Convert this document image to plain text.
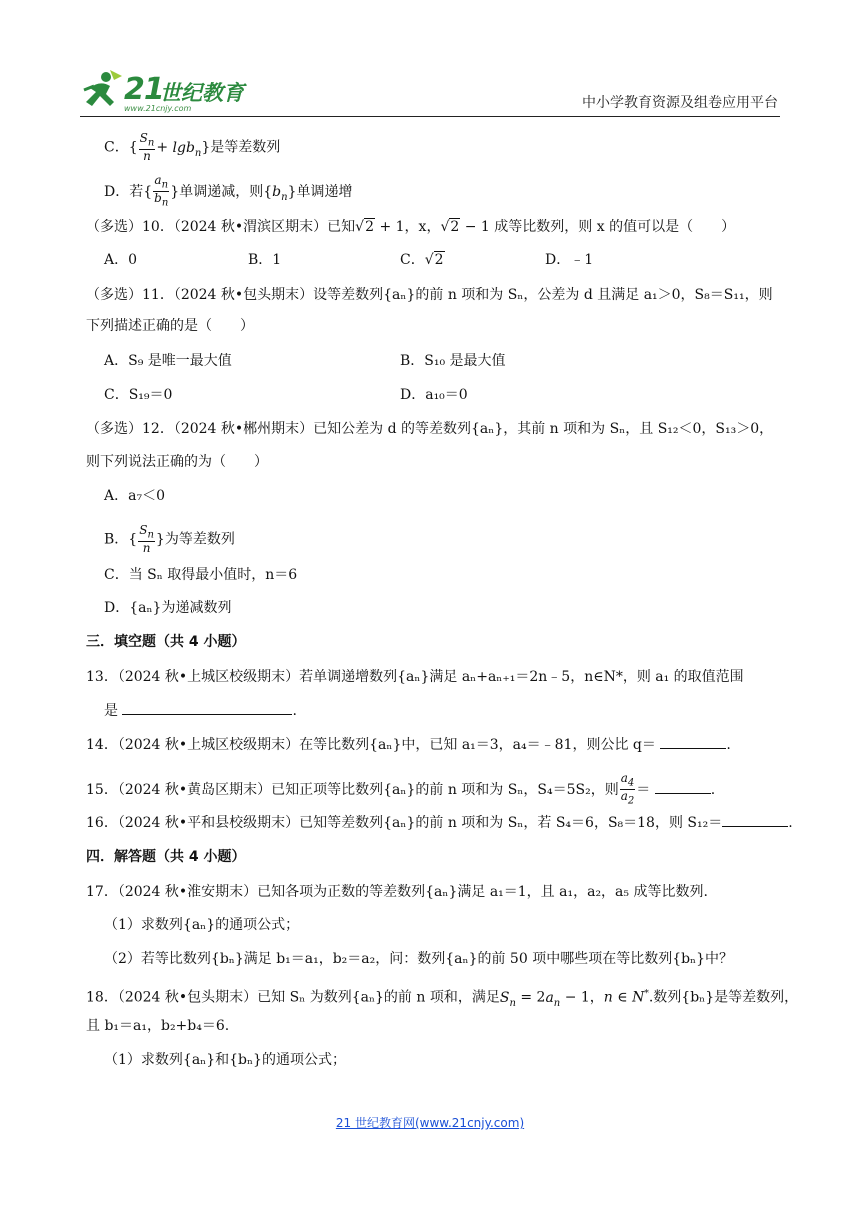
21
世纪教育
www.21cnjy.com	中小学教育资源及组卷应用平台
C．{ $\frac{S_n}{n} + \lg b_n$}是等差数列
D．若{ $\frac{a_n}{b_n}$ }单调递减，则$\{b_n\}$单调递增
（多选）10．（2024 秋•渭滨区期末）已知√2 + 1，x，√2 − 1 成等比数列，则 x 的值可以是（　　）
A．0	B．1	C．√2	D．﹣1
（多选）11．（2024 秋•包头期末）设等差数列{aₙ}的前 n 项和为 Sₙ，公差为 d 且满足 a₁＞0，S₈＝S₁₁，则
下列描述正确的是（　　）
A．S₉ 是唯一最大值	B．S₁₀ 是最大值
C．S₁₉＝0	D．a₁₀＝0
（多选）12．（2024 秋•郴州期末）已知公差为 d 的等差数列{aₙ}，其前 n 项和为 Sₙ，且 S₁₂＜0，S₁₃＞0，
则下列说法正确的为（　　）
A．a₇＜0
B．{ $\frac{S_n}{n}$ }为等差数列
C．当 Sₙ 取得最小值时，n＝6
D．{aₙ}为递减数列
三．填空题（共 4 小题）
13．（2024 秋•上城区校级期末）若单调递增数列{aₙ}满足 aₙ+aₙ₊₁＝2n﹣5，n∈N*，则 a₁ 的取值范围
是	.
14．（2024 秋•上城区校级期末）在等比数列{aₙ}中，已知 a₁＝3，a₄＝﹣81，则公比 q＝	.
15．（2024 秋•黄岛区期末）已知正项等比数列{aₙ}的前 n 项和为 Sₙ，S₄＝5S₂，则 $\frac{a_4}{a_2}$ ＝	.
16．（2024 秋•平和县校级期末）已知等差数列{aₙ}的前 n 项和为 Sₙ，若 S₄＝6，S₈＝18，则 S₁₂＝	.
四．解答题（共 4 小题）
17．（2024 秋•淮安期末）已知各项为正数的等差数列{aₙ}满足 a₁＝1，且 a₁，a₂，a₅ 成等比数列.
（1）求数列{aₙ}的通项公式；
（2）若等比数列{bₙ}满足 b₁＝a₁，b₂＝a₂，问：数列{aₙ}的前 50 项中哪些项在等比数列{bₙ}中？
18．（2024 秋•包头期末）已知 Sₙ 为数列{aₙ}的前 n 项和，满足$S_n = 2a_n - 1$，n ∈ N*.数列{bₙ}是等差数列，
且 b₁＝a₁，b₂+b₄＝6.
（1）求数列{aₙ}和{bₙ}的通项公式；
21 世纪教育网(www.21cnjy.com)
